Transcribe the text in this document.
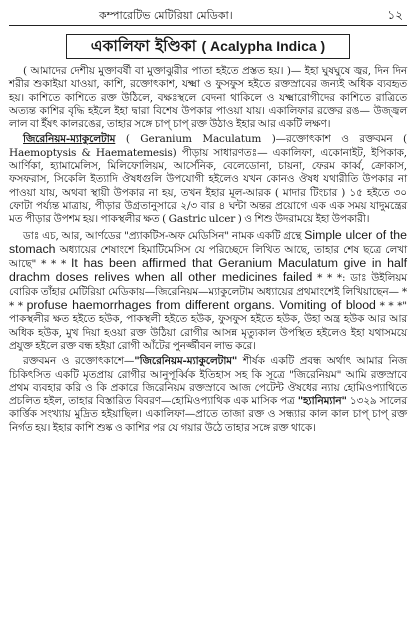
কম্পারেটিভ মেটিরিয়া মেডিকা।	১২
একালিফা ইণ্ডিকা ( Acalypha Indica )

( আমাদের দেশীয় মুক্তাবর্ষী বা মুক্তাঝুরীর পাতা হইতে প্রস্তত হয়। )— ইহা ঘুষঘুষে জ্বর, দিন দিন শরীর শুকাইয়া যাওয়া, কাশি, রক্তোৎকাশ, যক্ষ্মা ও ফুসফুস হইতে রক্তস্রাবের জন্যই অধিক ব্যবহৃত হয়। কাশিতে কাশিতে রক্ত উঠিলে, বক্ষঃস্থলে বেদনা থাকিলে ও যক্ষ্মারোগীদের কাশিতে রাত্রিতে অত্যন্ত কাশির বৃদ্ধি হইলে ইহা দ্বারা বিশেষ উপকার পাওয়া যায়। একালিফার রক্তের রঙ— উজ্জ্বল লাল বা ইঁষৎ কালরঙের, তাহার সঙ্গে চাপ্ চাপ্ রক্ত উঠাও ইহার আর একটি লক্ষণ।

জিরেনিয়ম-ম্যাকুলেটাম ( Geranium Maculatum )—রক্তোৎকাশ ও রক্তবমন ( Haemoptysis & Haematemesis) পীড়ায় সাধারণতঃ— একালিফা, একোনাইট, ইপিকাক, আর্ণিকা, হ্যামামেলিস, মিলিফোলিয়ম, আর্সেনিক, বেলেডোনা, চায়না, ফেরম কার্ব্ব, ক্রোকাস, ফসফরাস, সিকেলি ইত্যাদি ঔষধগুলি উপযোগী হইলেও যখন কোনও ঔষধ যথারীতি উপকার না পাওয়া যায়, অথবা স্থায়ী উপকার না হয়, তখন ইহার মূল-আরক ( মাদার টিংচার ) ১৫ হইতে ৩০ ফোটা পর্য্যন্ত মাত্রায়, পীড়ার উগ্রতানুসারে ২/৩ বার ৪ ঘন্টা অন্তর প্রয়োগে এক এক সময় যাদুমন্ত্রের মত পীড়ার উপশম হয়। পাকস্থলীর ক্ষত ( Gastric ulcer ) ও শিশু উদরাময়ে ইহা উপকারী।

ডাঃ এচ, আর, আর্ণডের "প্র্যাকটিস-অফ মেডিসিন" নামক একটি গ্রন্থে Simple ulcer of the stomach অধ্যায়ের শেষাংশে হিমাটিমেসিস যে পরিচ্ছেদে লিখিত আছে, তাহার শেষ ছত্রে লেখা আছে" * * * It has been affirmed that Geranium Maculatum give in half drachm doses relives when all other medicines failed * * *: ডাঃ উইলিয়ম বোরিক তাঁহার মেটিরিয়া মেডিকায়—জিরেনিয়ম—ম্যাকুলেটাম অধ্যায়ের প্রথমাংশেই লিখিয়াছেন— * * * profuse haemorrhages from different organs. Vomiting of blood * * *" পাকস্থলীর ক্ষত হইতে হউক, পাকস্থলী হইতে হউক, ফুসফুস হইতে হউক, উহা অন্ত্র হউক আর আর অধিক হউক, মুখ দিয়া হওয়া রক্ত উঠিয়া রোগীর আসন্ন মৃত্যুকাল উপস্থিত হইলেও ইহা যথাসময়ে প্রযুক্ত হইলে রক্ত বন্ধ হইয়া রোগী আঁটের পুনর্জ্জীবন লাভ করে।

রক্তবমন ও রক্তোৎকাশে—"জিরেনিয়ম-ম্যাকুলেটাম" শীর্ষক একটি প্রবন্ধ অর্থাৎ আমার নিজ চিকিৎসিত একটি মৃতপ্রায় রোগীর আনুপূর্ব্বিক ইতিহাস সহ কি সূত্রে "জিরেনিয়ম" আমি রক্তস্রাবে প্রথম ব্যবহার করি ও কি প্রকারে জিরেনিয়ম রক্তস্রাবে আজ পেটেন্ট ঔষধের ন্যায় হোমিওপ্যাথিতে প্রচলিত হইল, তাহার বিস্তারিত বিবরণ—হোমিওপ্যাথিক এক মাসিক পত্র "হ্যানিম্যান" ১৩২৯ সালের কার্ত্তিক সংখ্যায় মুদ্রিত হইয়াছিল। একালিফা—প্রাতে তাজা রক্ত ও সন্ধ্যার কাল কাল চাপ্ চাপ্ রক্ত নির্গত হয়। ইহার কাশি শুষ্ক ও কাশির পর যে গয়ার উঠে তাহার সঙ্গে রক্ত থাকে।
